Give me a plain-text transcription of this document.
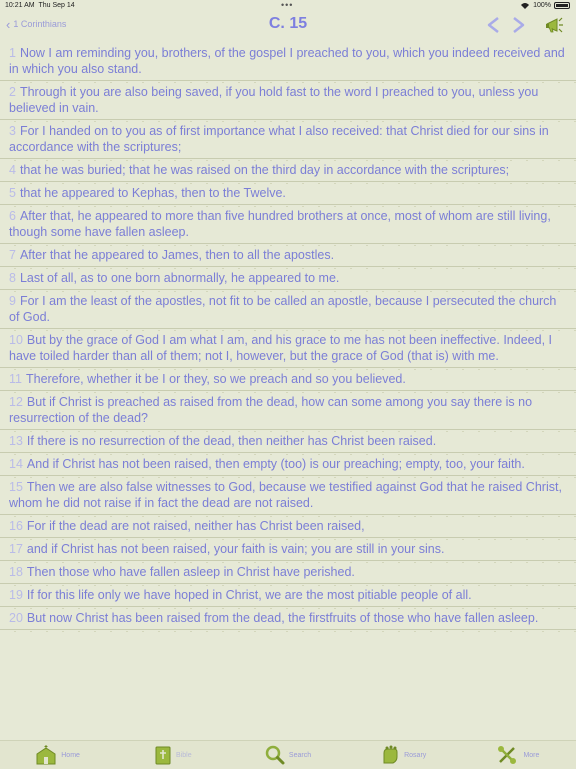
10:21 AM Thu Sep 14	•••	100%
‹ 1 Corinthians	C. 15
1 Now I am reminding you, brothers, of the gospel I preached to you, which you indeed received and in which you also stand.
2 Through it you are also being saved, if you hold fast to the word I preached to you, unless you believed in vain.
3 For I handed on to you as of first importance what I also received: that Christ died for our sins in accordance with the scriptures;
4 that he was buried; that he was raised on the third day in accordance with the scriptures;
5 that he appeared to Kephas, then to the Twelve.
6 After that, he appeared to more than five hundred brothers at once, most of whom are still living, though some have fallen asleep.
7 After that he appeared to James, then to all the apostles.
8 Last of all, as to one born abnormally, he appeared to me.
9 For I am the least of the apostles, not fit to be called an apostle, because I persecuted the church of God.
10 But by the grace of God I am what I am, and his grace to me has not been ineffective. Indeed, I have toiled harder than all of them; not I, however, but the grace of God (that is) with me.
11 Therefore, whether it be I or they, so we preach and so you believed.
12 But if Christ is preached as raised from the dead, how can some among you say there is no resurrection of the dead?
13 If there is no resurrection of the dead, then neither has Christ been raised.
14 And if Christ has not been raised, then empty (too) is our preaching; empty, too, your faith.
15 Then we are also false witnesses to God, because we testified against God that he raised Christ, whom he did not raise if in fact the dead are not raised.
16 For if the dead are not raised, neither has Christ been raised,
17 and if Christ has not been raised, your faith is vain; you are still in your sins.
18 Then those who have fallen asleep in Christ have perished.
19 If for this life only we have hoped in Christ, we are the most pitiable people of all.
20 But now Christ has been raised from the dead, the firstfruits of those who have fallen asleep.
Home	Bible	Search	Rosary	More
